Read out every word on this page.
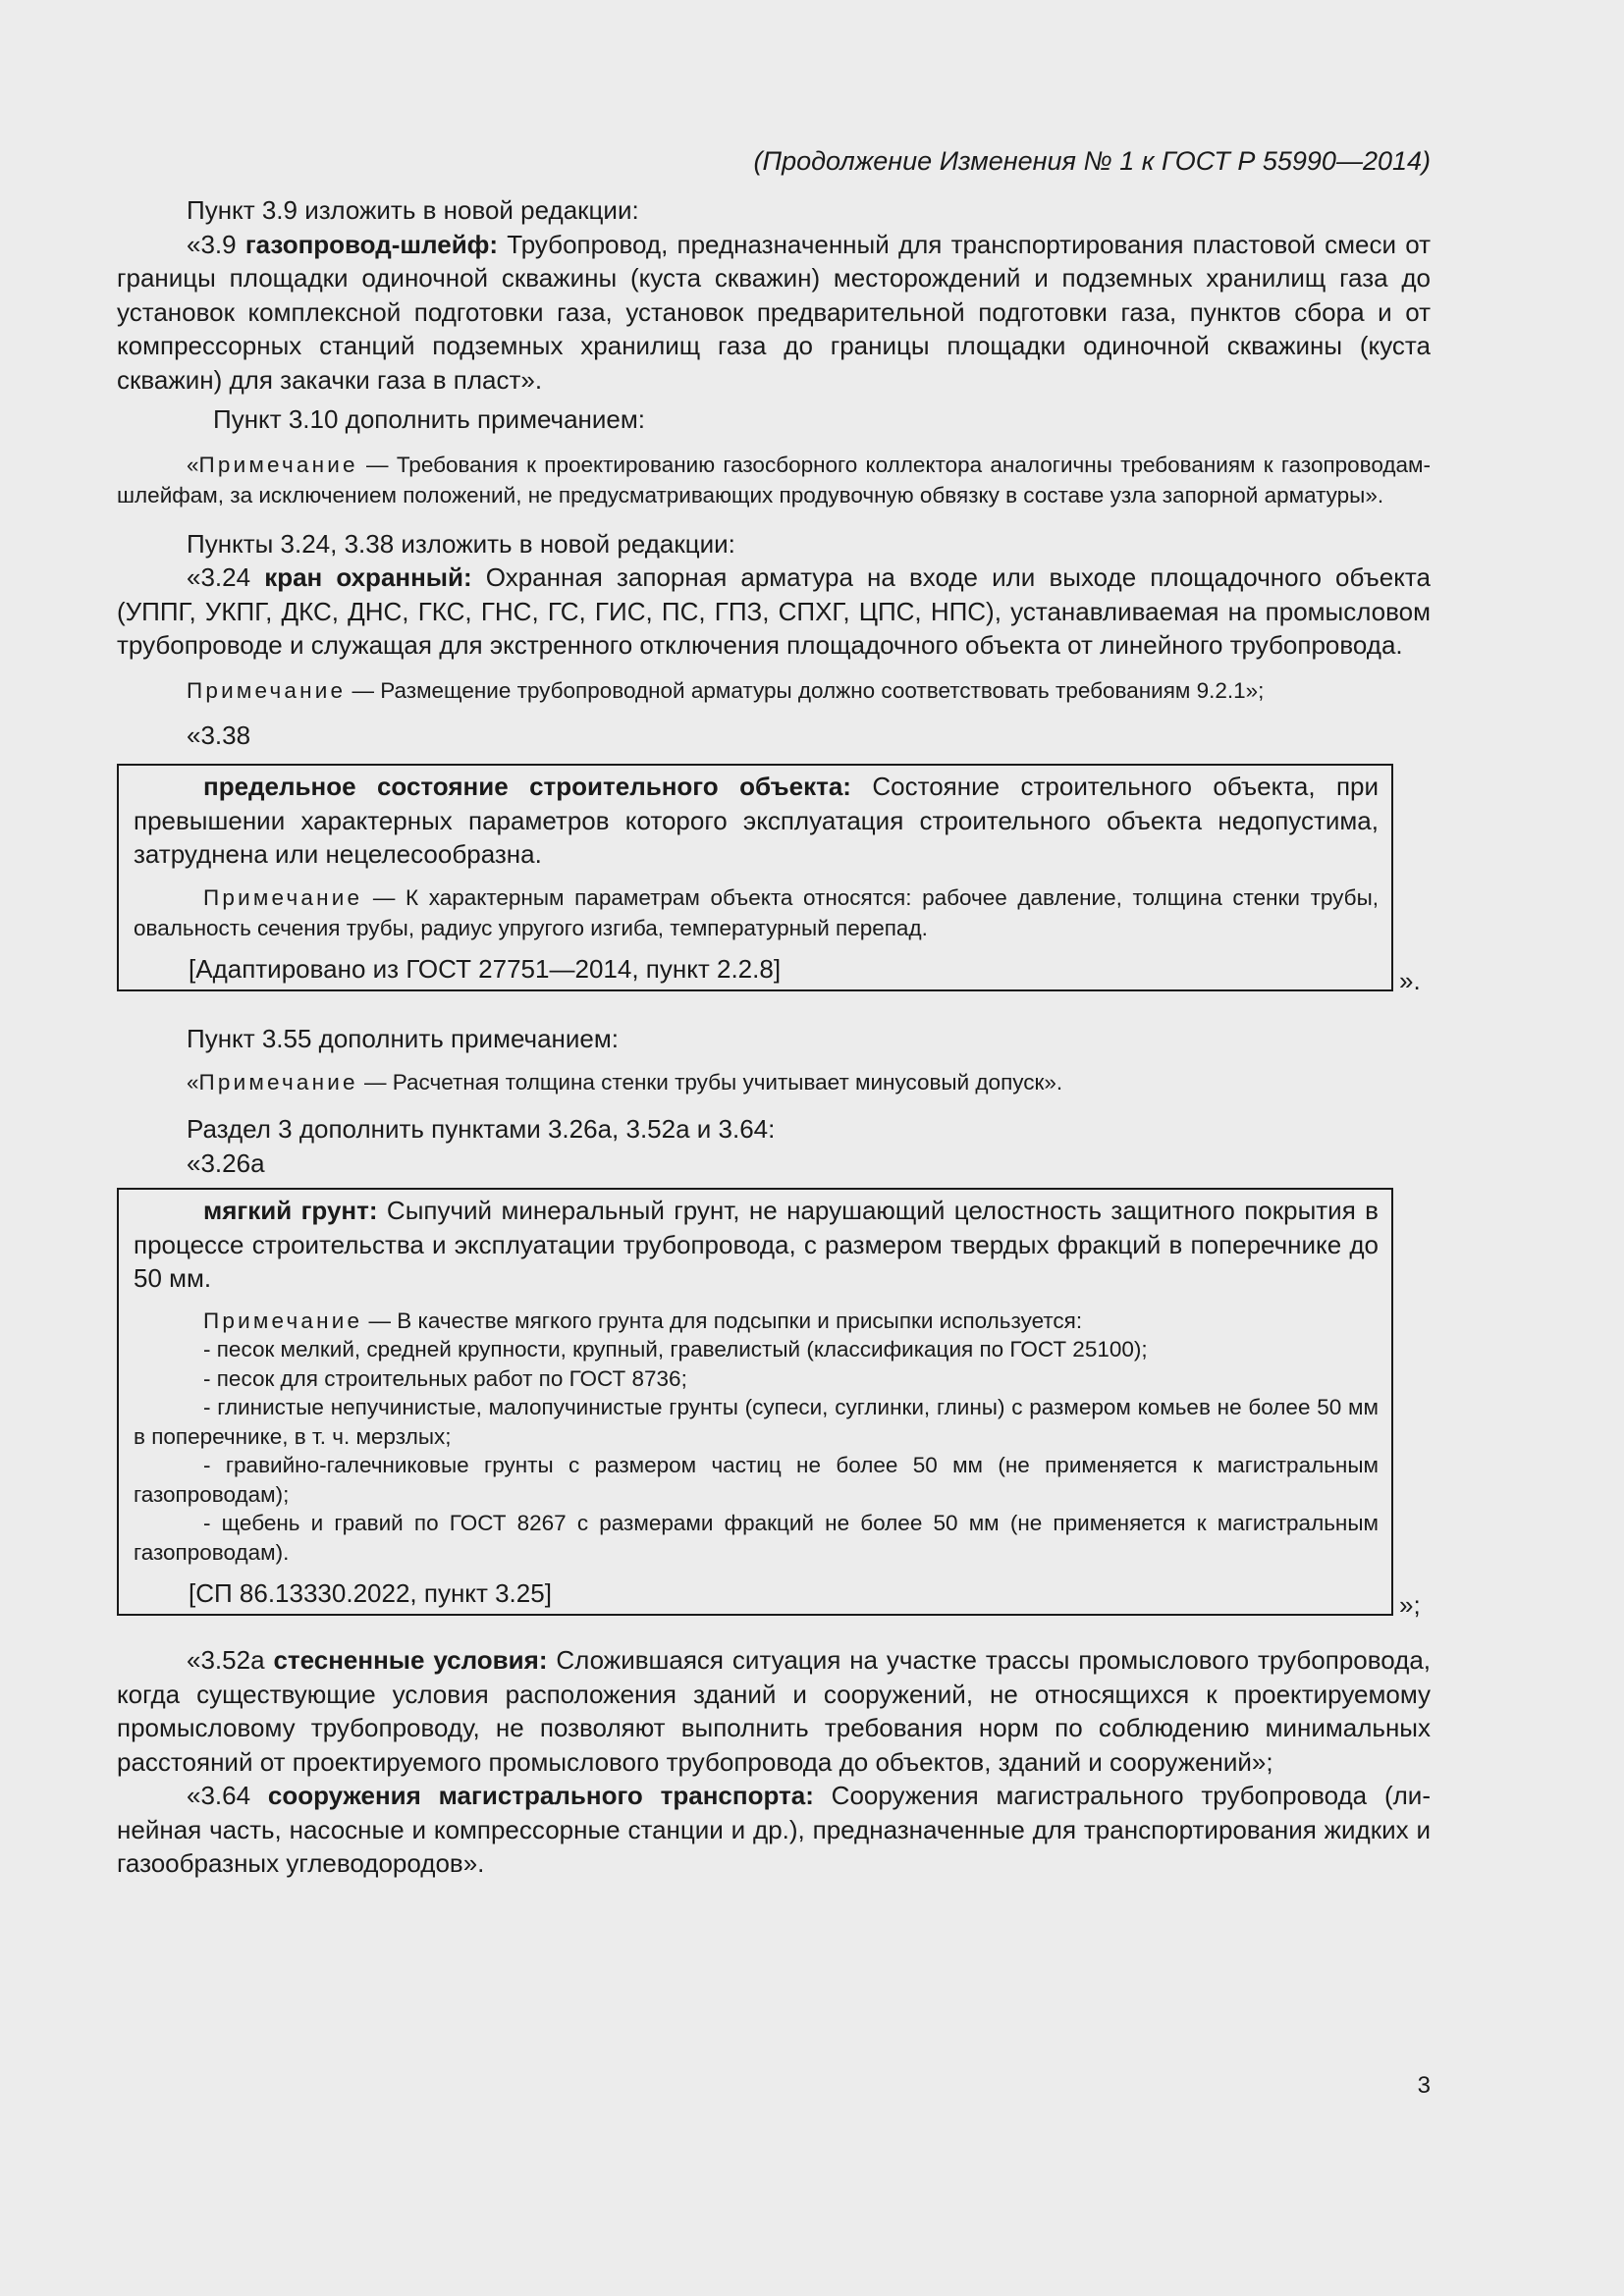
(Продолжение Изменения № 1 к ГОСТ Р 55990—2014)

Пункт 3.9 изложить в новой редакции:

«3.9 газопровод-шлейф: Трубопровод, предназначенный для транспортирования пластовой смеси от границы площадки одиночной скважины (куста скважин) месторождений и подземных хранилищ газа до установок комплексной подготовки газа, установок предварительной подготовки газа, пунктов сбора и от компрессорных станций подземных хранилищ газа до границы площадки одиночной скважины (куста скважин) для закачки газа в пласт».

Пункт 3.10 дополнить примечанием:

«Примечание — Требования к проектированию газосборного коллектора аналогичны требованиям к газопроводам-шлейфам, за исключением положений, не предусматривающих продувочную обвязку в составе узла запорной арматуры».

Пункты 3.24, 3.38 изложить в новой редакции:

«3.24 кран охранный: Охранная запорная арматура на входе или выходе площадочного объекта (УППГ, УКПГ, ДКС, ДНС, ГКС, ГНС, ГС, ГИС, ПС, ГПЗ, СПХГ, ЦПС, НПС), устанавливаемая на промысловом трубопроводе и служащая для экстренного отключения площадочного объекта от линейного трубопровода.

Примечание — Размещение трубопроводной арматуры должно соответствовать требованиям 9.2.1»;

«3.38

предельное состояние строительного объекта: Состояние строительного объекта, при превышении характерных параметров которого эксплуатация строительного объекта недопустима, затруднена или нецелесообразна.

Примечание — К характерным параметрам объекта относятся: рабочее давление, толщина стенки трубы, овальность сечения трубы, радиус упругого изгиба, температурный перепад.

[Адаптировано из ГОСТ 27751—2014, пункт 2.2.8]	».

Пункт 3.55 дополнить примечанием:

«Примечание — Расчетная толщина стенки трубы учитывает минусовый допуск».

Раздел 3 дополнить пунктами 3.26а, 3.52а и 3.64:

«3.26а

мягкий грунт: Сыпучий минеральный грунт, не нарушающий целостность защитного покрытия в процессе строительства и эксплуатации трубопровода, с размером твердых фракций в поперечнике до 50 мм.

Примечание — В качестве мягкого грунта для подсыпки и присыпки используется:

- песок мелкий, средней крупности, крупный, гравелистый (классификация по ГОСТ 25100);

- песок для строительных работ по ГОСТ 8736;

- глинистые непучинистые, малопучинистые грунты (супеси, суглинки, глины) с размером комьев не более 50 мм в поперечнике, в т. ч. мерзлых;

- гравийно-галечниковые грунты с размером частиц не более 50 мм (не применяется к магистральным газопроводам);

- щебень и гравий по ГОСТ 8267 с размерами фракций не более 50 мм (не применяется к магистральным газопроводам).

[СП 86.13330.2022, пункт 3.25]	»;

«3.52а стесненные условия: Сложившаяся ситуация на участке трассы промыслового трубопровода, когда существующие условия расположения зданий и сооружений, не относящихся к проектируемому промысловому трубопроводу, не позволяют выполнить требования норм по соблюдению минимальных расстояний от проектируемого промыслового трубопровода до объектов, зданий и сооружений»;

«3.64 сооружения магистрального транспорта: Сооружения магистрального трубопровода (линейная часть, насосные и компрессорные станции и др.), предназначенные для транспортирования жидких и газообразных углеводородов».

3
